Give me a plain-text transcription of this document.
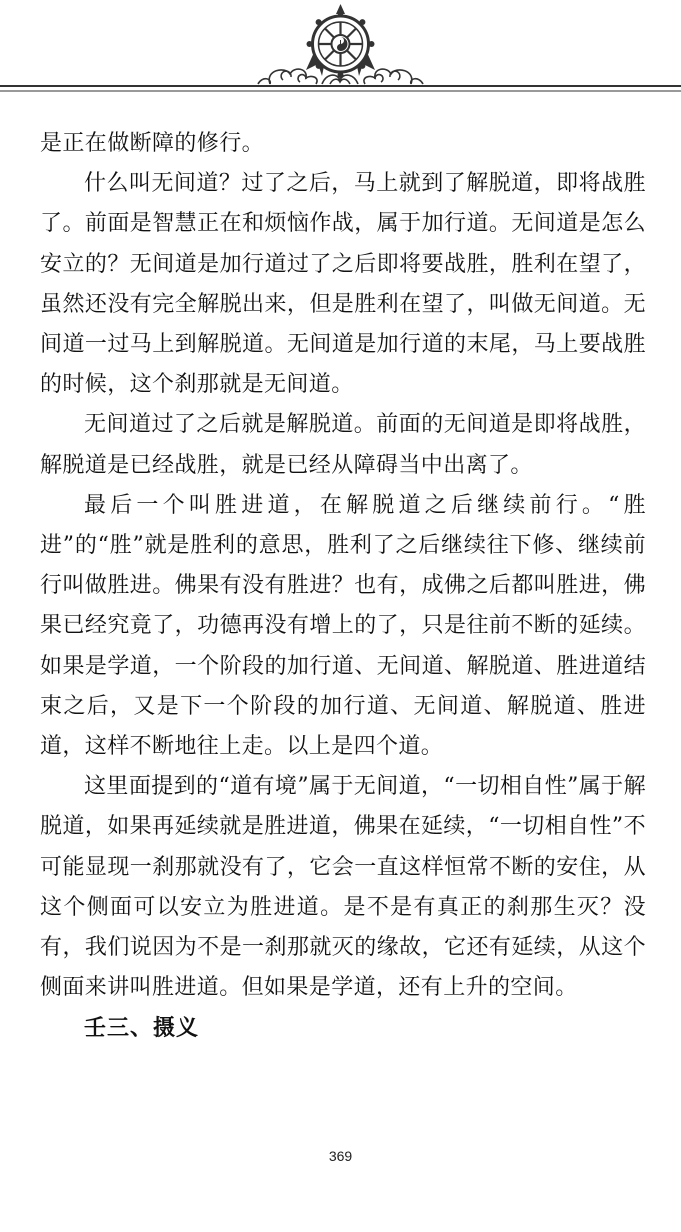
是正在做断障的修行。

什么叫无间道？过了之后，马上就到了解脱道，即将战胜了。前面是智慧正在和烦恼作战，属于加行道。无间道是怎么安立的？无间道是加行道过了之后即将要战胜，胜利在望了，虽然还没有完全解脱出来，但是胜利在望了，叫做无间道。无间道一过马上到解脱道。无间道是加行道的末尾，马上要战胜的时候，这个刹那就是无间道。

无间道过了之后就是解脱道。前面的无间道是即将战胜，解脱道是已经战胜，就是已经从障碍当中出离了。

最后一个叫胜进道，在解脱道之后继续前行。“胜进”的“胜”就是胜利的意思，胜利了之后继续往下修、继续前行叫做胜进。佛果有没有胜进？也有，成佛之后都叫胜进，佛果已经究竟了，功德再没有增上的了，只是往前不断的延续。如果是学道，一个阶段的加行道、无间道、解脱道、胜进道结束之后，又是下一个阶段的加行道、无间道、解脱道、胜进道，这样不断地往上走。以上是四个道。

这里面提到的“道有境”属于无间道，“一切相自性”属于解脱道，如果再延续就是胜进道，佛果在延续，“一切相自性”不可能显现一刹那就没有了，它会一直这样恒常不断的安住，从这个侧面可以安立为胜进道。是不是有真正的刹那生灭？没有，我们说因为不是一刹那就灭的缘故，它还有延续，从这个侧面来讲叫胜进道。但如果是学道，还有上升的空间。

壬三、摄义
369
